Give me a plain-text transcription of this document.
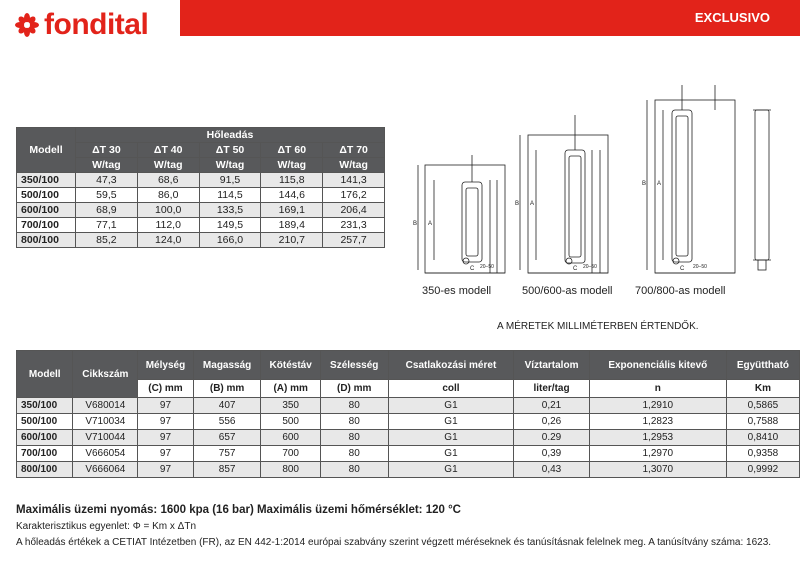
fondital	EXCLUSIVO
Modell	Hőleadás				
	ΔT 30	ΔT 40	ΔT 50	ΔT 60	ΔT 70
	W/tag	W/tag	W/tag	W/tag	W/tag
350/100	47,3	68,6	91,5	115,8	141,3
500/100	59,5	86,0	114,5	144,6	176,2
600/100	68,9	100,0	133,5	169,1	206,4
700/100	77,1	112,0	149,5	189,4	231,3
800/100	85,2	124,0	166,0	210,7	257,7
B A
C 20–50
B A
C 20–50
B A
C 20–50
350-es modell	500/600-as modell 700/800-as modell
A MÉRETEK MILLIMÉTERBEN ÉRTENDŐK.
Modell	Cikkszám	Mélység	Magasság	Kötéstáv	Szélesség	Csatlakozási méret	Víztartalom	Exponenciális kitevő	Együttható
		(C) mm	(B) mm	(A) mm	(D) mm	coll	liter/tag	n	Km
350/100	V680014	97	407	350	80	G1	0,21	1,2910	0,5865
500/100	V710034	97	556	500	80	G1	0,26	1,2823	0,7588
600/100	V710044	97	657	600	80	G1	0.29	1,2953	0,8410
700/100	V666054	97	757	700	80	G1	0,39	1,2970	0,9358
800/100	V666064	97	857	800	80	G1	0,43	1,3070	0,9992
Maximális üzemi nyomás: 1600 kpa (16 bar) Maximális üzemi hőmérséklet: 120 °C
Karakterisztikus egyenlet: Φ = Km x ΔTn
A hőleadás értékek a CETIAT Intézetben (FR), az EN 442-1:2014 európai szabvány szerint végzett méréseknek és tanúsításnak felelnek meg. A tanúsítvány száma: 1623.
